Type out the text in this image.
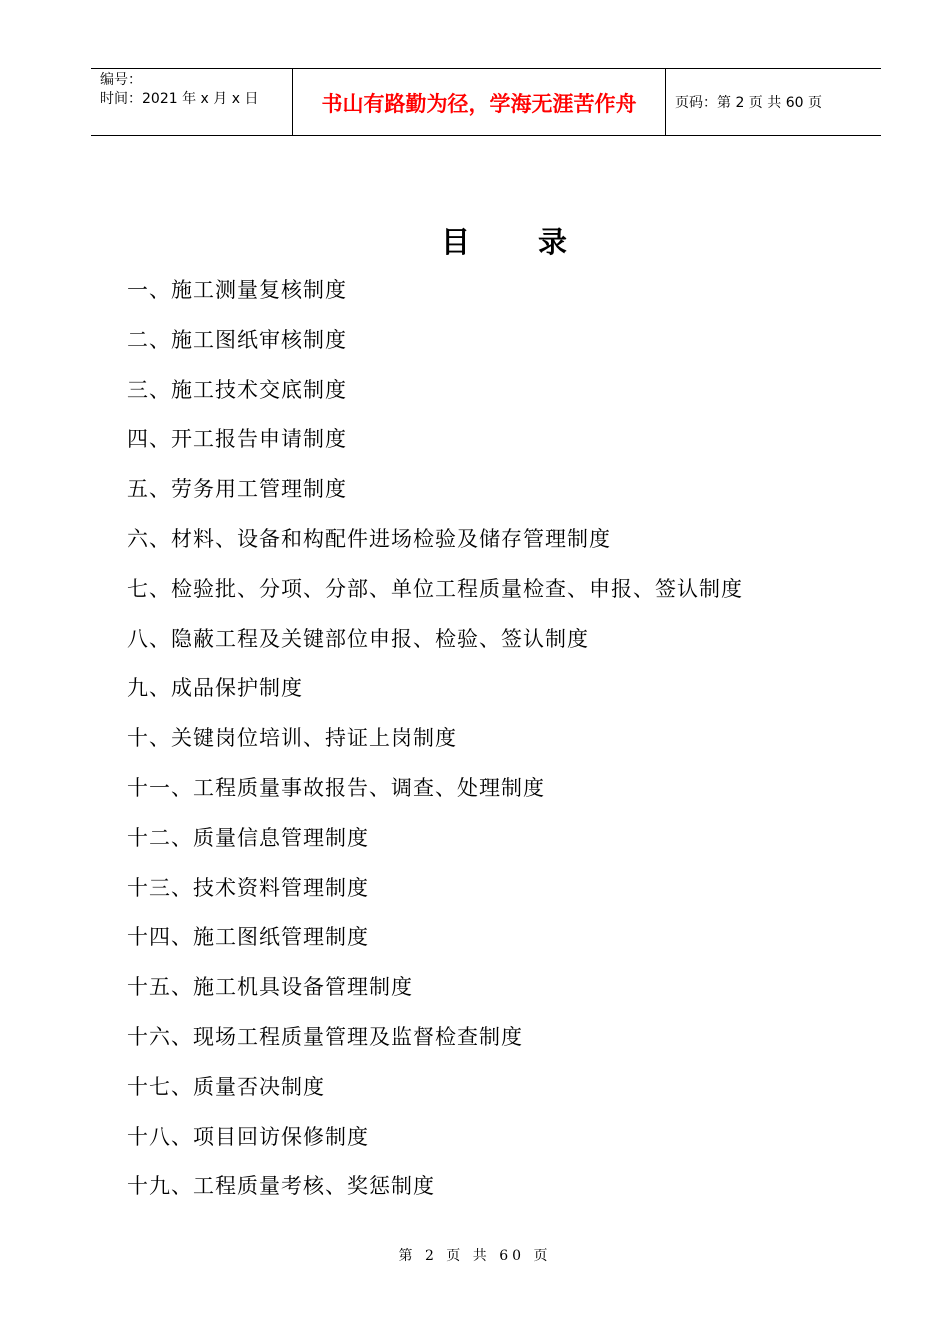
编号：
时间：2021 年 x 月 x 日	书山有路勤为径，学海无涯苦作舟	页码：第 2 页 共 60 页
目 录
一、施工测量复核制度
二、施工图纸审核制度
三、施工技术交底制度
四、开工报告申请制度
五、劳务用工管理制度
六、材料、设备和构配件进场检验及储存管理制度
七、检验批、分项、分部、单位工程质量检查、申报、签认制度
八、隐蔽工程及关键部位申报、检验、签认制度
九、成品保护制度
十、关键岗位培训、持证上岗制度
十一、工程质量事故报告、调查、处理制度
十二、质量信息管理制度
十三、技术资料管理制度
十四、施工图纸管理制度
十五、施工机具设备管理制度
十六、现场工程质量管理及监督检查制度
十七、质量否决制度
十八、项目回访保修制度
十九、工程质量考核、奖惩制度
第 2 页 共 60 页
